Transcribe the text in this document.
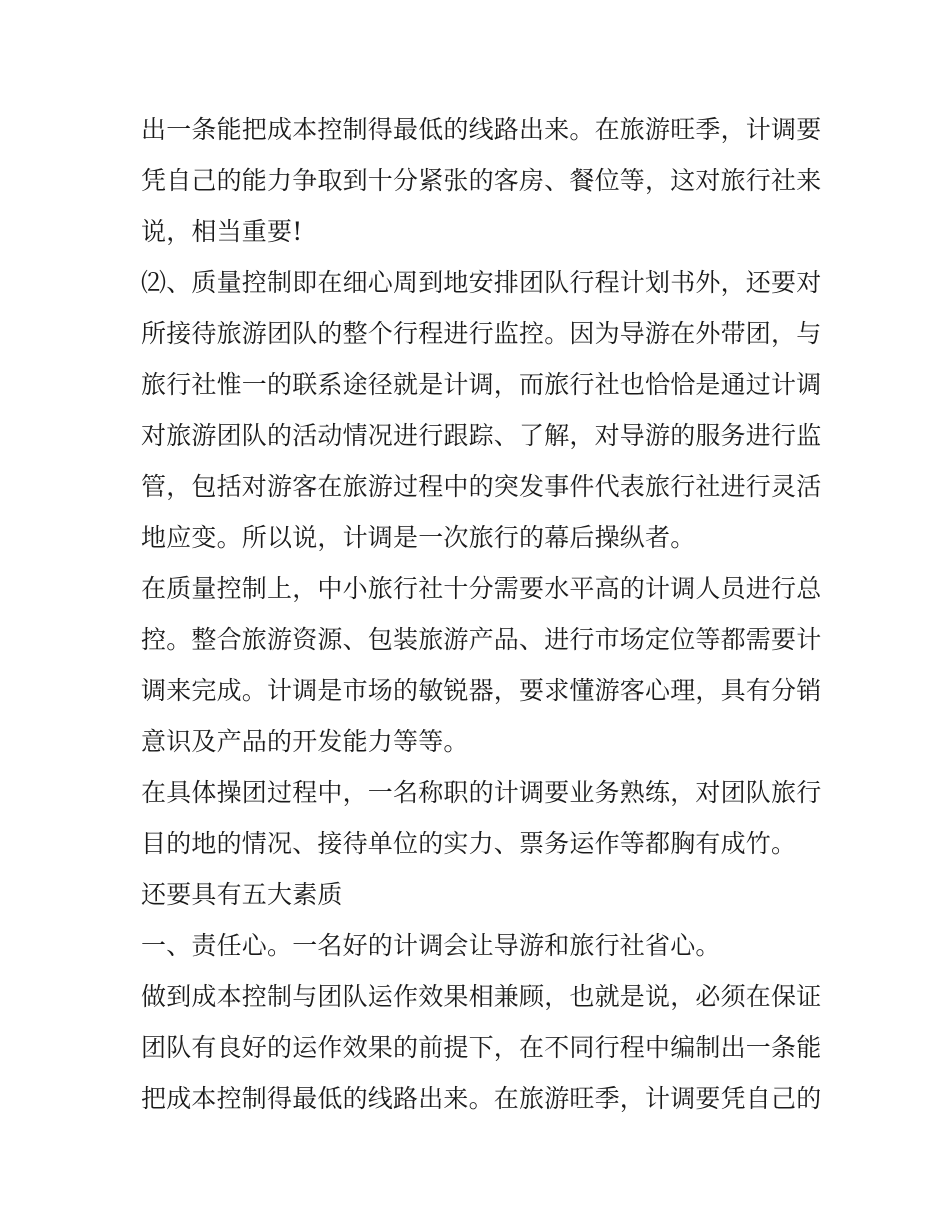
出一条能把成本控制得最低的线路出来。在旅游旺季，计调要
凭自己的能力争取到十分紧张的客房、餐位等，这对旅行社来
说，相当重要!
⑵、质量控制即在细心周到地安排团队行程计划书外，还要对
所接待旅游团队的整个行程进行监控。因为导游在外带团，与
旅行社惟一的联系途径就是计调，而旅行社也恰恰是通过计调
对旅游团队的活动情况进行跟踪、了解，对导游的服务进行监
管，包括对游客在旅游过程中的突发事件代表旅行社进行灵活
地应变。所以说，计调是一次旅行的幕后操纵者。
在质量控制上，中小旅行社十分需要水平高的计调人员进行总
控。整合旅游资源、包装旅游产品、进行市场定位等都需要计
调来完成。计调是市场的敏锐器，要求懂游客心理，具有分销
意识及产品的开发能力等等。
在具体操团过程中，一名称职的计调要业务熟练，对团队旅行
目的地的情况、接待单位的实力、票务运作等都胸有成竹。
还要具有五大素质
一、责任心。一名好的计调会让导游和旅行社省心。
做到成本控制与团队运作效果相兼顾，也就是说，必须在保证
团队有良好的运作效果的前提下，在不同行程中编制出一条能
把成本控制得最低的线路出来。在旅游旺季，计调要凭自己的
